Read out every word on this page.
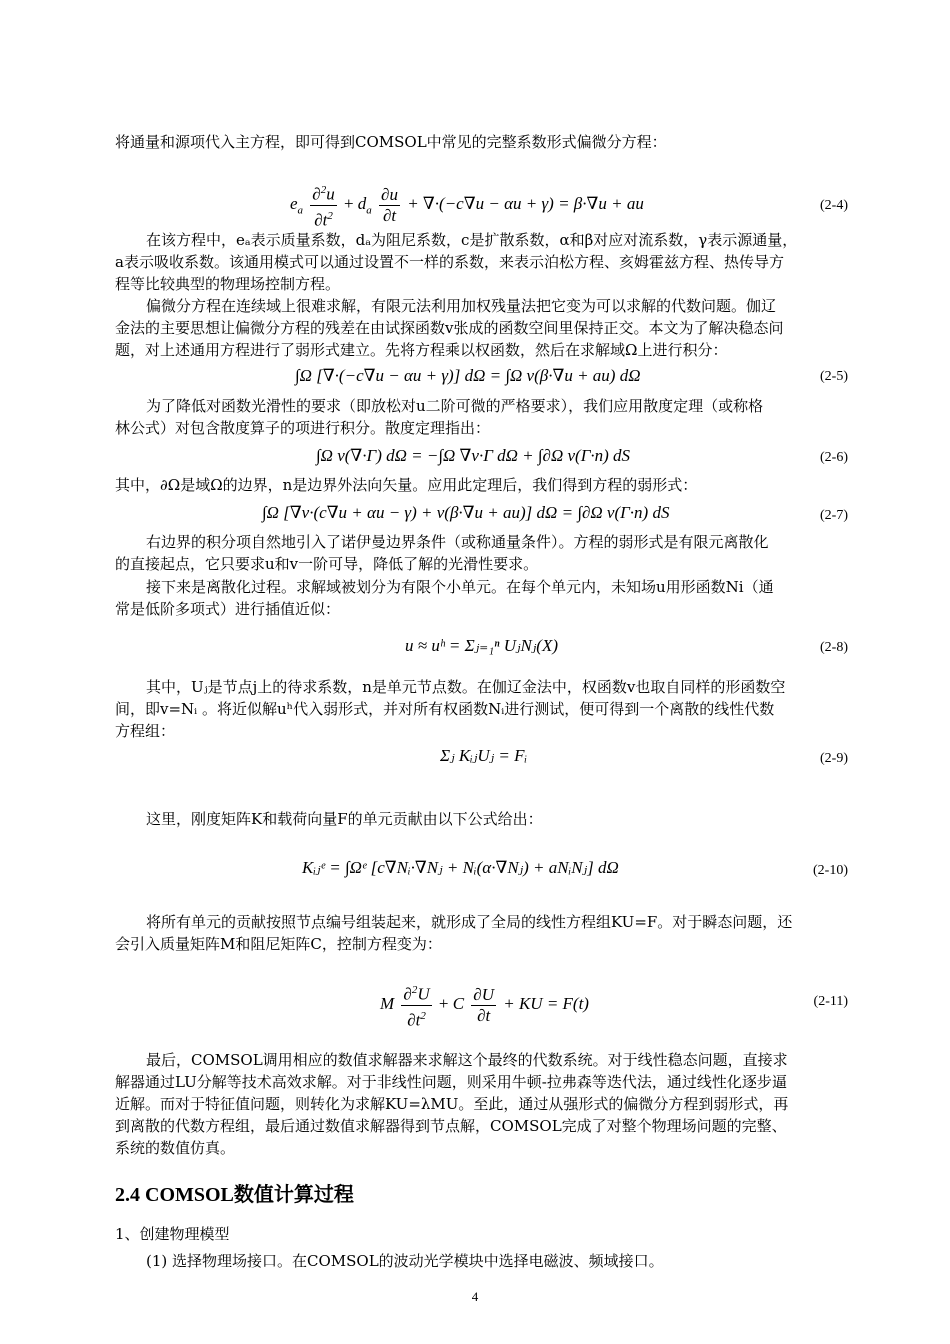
将通量和源项代入主方程，即可得到COMSOL中常见的完整系数形式偏微分方程：
$e_a \frac{\partial^2u}{\partial t^2} + d_a \frac{\partial u}{\partial t} + \nabla\cdot(-c\nabla u - \alpha u + \gamma) = \beta\cdot\nabla u$ + au	(2-4)
在该方程中，eₐ表示质量系数，dₐ为阻尼系数，c是扩散系数，α和β对应对流系数，γ表示源通量，
a表示吸收系数。该通用模式可以通过设置不一样的系数，来表示泊松方程、亥姆霍兹方程、热传导方
程等比较典型的物理场控制方程。
偏微分方程在连续域上很难求解，有限元法利用加权残量法把它变为可以求解的代数问题。伽辽
金法的主要思想让偏微分方程的残差在由试探函数v张成的函数空间里保持正交。本文为了解决稳态问
题，对上述通用方程进行了弱形式建立。先将方程乘以权函数，然后在求解域Ω上进行积分：
∫Ω [∇·(−c∇u − αu + γ)] dΩ = ∫Ω v(β·∇u + au) dΩ	(2-5)
为了降低对函数光滑性的要求（即放松对u二阶可微的严格要求），我们应用散度定理（或称格
林公式）对包含散度算子的项进行积分。散度定理指出：
∫Ω v(∇·Γ) dΩ = −∫Ω ∇v·Γ dΩ + ∫∂Ω v(Γ·n) dS	(2-6)
其中，∂Ω是域Ω的边界，n是边界外法向矢量。应用此定理后，我们得到方程的弱形式：
∫Ω [∇v·(c∇u + αu − γ) + v(β·∇u + au)] dΩ = ∫∂Ω v(Γ·n) dS	(2-7)
右边界的积分项自然地引入了诺伊曼边界条件（或称通量条件）。方程的弱形式是有限元离散化
的直接起点，它只要求u和v一阶可导，降低了解的光滑性要求。
接下来是离散化过程。求解域被划分为有限个小单元。在每个单元内，未知场u用形函数Ni（通
常是低阶多项式）进行插值近似：
u ≈ uʰ = Σⱼ₌₁ⁿ UⱼNⱼ(X)	(2-8)
其中，Uⱼ是节点j上的待求系数，n是单元节点数。在伽辽金法中，权函数v也取自同样的形函数空
间，即v=Nᵢ 。将近似解uʰ代入弱形式，并对所有权函数Nᵢ进行测试，便可得到一个离散的线性代数
方程组：
Σⱼ KᵢⱼUⱼ = Fᵢ	(2-9)
这里，刚度矩阵K和载荷向量F的单元贡献由以下公式给出：
Kᵢⱼᵉ = ∫Ωᵉ [c∇Nᵢ·∇Nⱼ + Nᵢ(α·∇Nⱼ) + aNᵢNⱼ] dΩ	(2-10)
将所有单元的贡献按照节点编号组装起来，就形成了全局的线性方程组KU=F。对于瞬态问题，还
会引入质量矩阵M和阻尼矩阵C，控制方程变为：
M $\frac{\partial^2U}{\partial t^2} + C \frac{\partial U}{\partial t}$ + KU = F(t)	(2-11)
最后，COMSOL调用相应的数值求解器来求解这个最终的代数系统。对于线性稳态问题，直接求
解器通过LU分解等技术高效求解。对于非线性问题，则采用牛顿-拉弗森等迭代法，通过线性化逐步逼
近解。而对于特征值问题，则转化为求解KU=λMU。至此，通过从强形式的偏微分方程到弱形式，再
到离散的代数方程组，最后通过数值求解器得到节点解，COMSOL完成了对整个物理场问题的完整、
系统的数值仿真。
2.4 COMSOL数值计算过程
1、创建物理模型
(1) 选择物理场接口。在COMSOL的波动光学模块中选择电磁波、频域接口。
4
